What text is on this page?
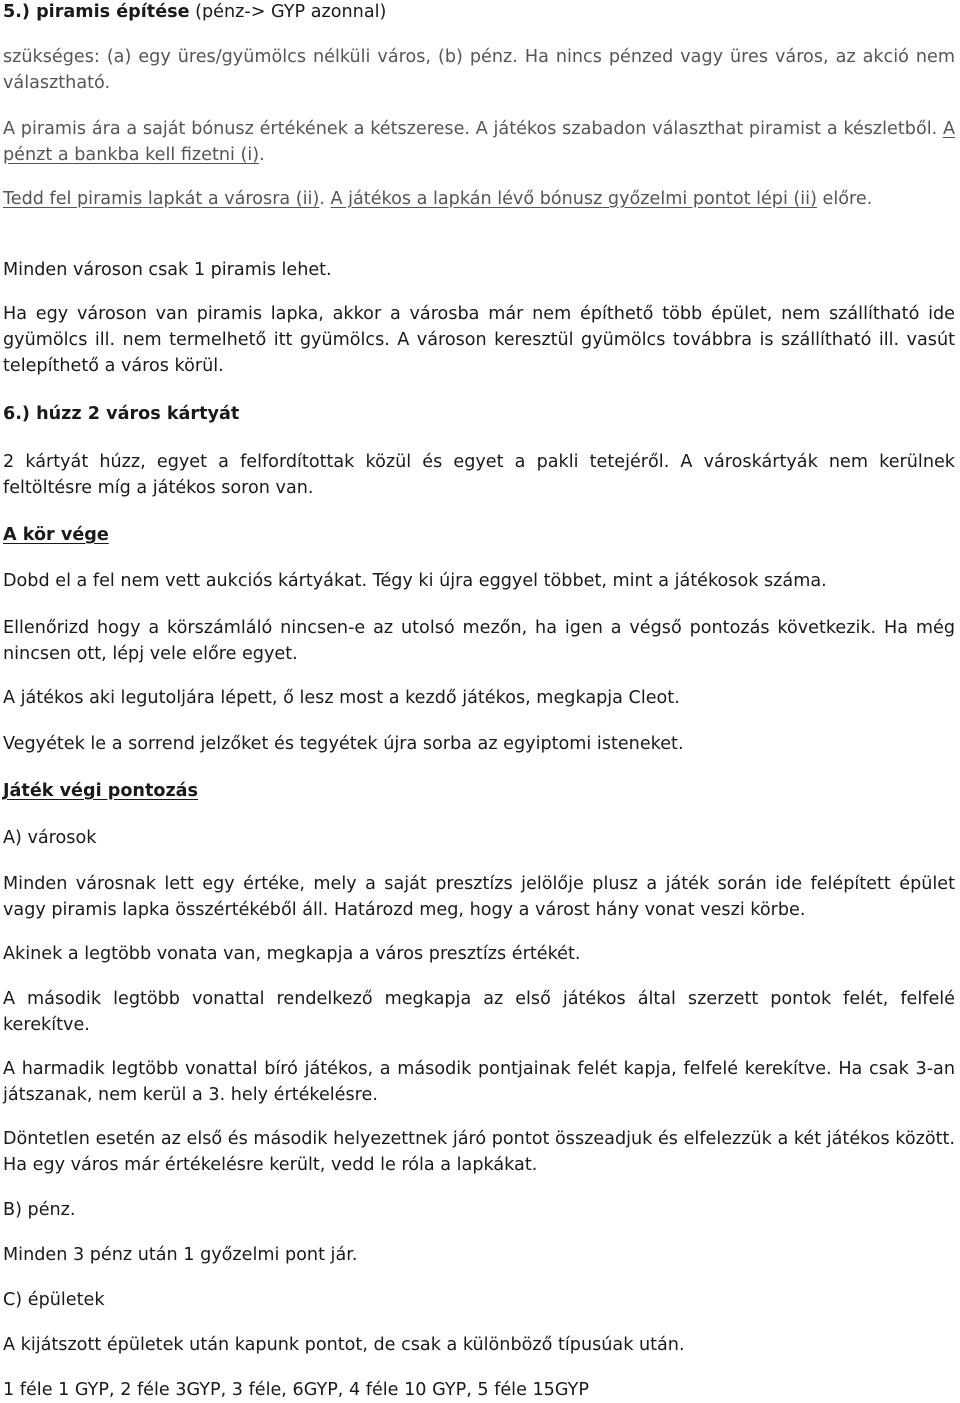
5.) piramis építése (pénz-> GYP azonnal)

szükséges: (a) egy üres/gyümölcs nélküli város, (b) pénz. Ha nincs pénzed vagy üres város, az akció nem választható.

A piramis ára a saját bónusz értékének a kétszerese. A játékos szabadon választhat piramist a készletből. A pénzt a bankba kell fizetni (i).

Tedd fel piramis lapkát a városra (ii). A játékos a lapkán lévő bónusz győzelmi pontot lépi (ii) előre.

Minden városon csak 1 piramis lehet.

Ha egy városon van piramis lapka, akkor a városba már nem építhető több épület, nem szállítható ide gyümölcs ill. nem termelhető itt gyümölcs. A városon keresztül gyümölcs továbbra is szállítható ill. vasút telepíthető a város körül.

6.) húzz 2 város kártyát

2 kártyát húzz, egyet a felfordítottak közül és egyet a pakli tetejéről. A városkártyák nem kerülnek feltöltésre míg a játékos soron van.

A kör vége

Dobd el a fel nem vett aukciós kártyákat. Tégy ki újra eggyel többet, mint a játékosok száma.

Ellenőrizd hogy a körszámláló nincsen-e az utolsó mezőn, ha igen a végső pontozás következik. Ha még nincsen ott, lépj vele előre egyet.

A játékos aki legutoljára lépett, ő lesz most a kezdő játékos, megkapja Cleot.

Vegyétek le a sorrend jelzőket és tegyétek újra sorba az egyiptomi isteneket.

Játék végi pontozás

A) városok

Minden városnak lett egy értéke, mely a saját presztízs jelölője plusz a játék során ide felépített épület vagy piramis lapka összértékéből áll. Határozd meg, hogy a várost hány vonat veszi körbe.

Akinek a legtöbb vonata van, megkapja a város presztízs értékét.

A második legtöbb vonattal rendelkező megkapja az első játékos által szerzett pontok felét, felfelé kerekítve.

A harmadik legtöbb vonattal bíró játékos, a második pontjainak felét kapja, felfelé kerekítve. Ha csak 3-an játszanak, nem kerül a 3. hely értékelésre.

Döntetlen esetén az első és második helyezettnek járó pontot összeadjuk és elfelezzük a két játékos között. Ha egy város már értékelésre került, vedd le róla a lapkákat.

B) pénz.

Minden 3 pénz után 1 győzelmi pont jár.

C) épületek

A kijátszott épületek után kapunk pontot, de csak a különböző típusúak után.

1 féle 1 GYP, 2 féle 3GYP, 3 féle, 6GYP, 4 féle 10 GYP, 5 féle 15GYP
